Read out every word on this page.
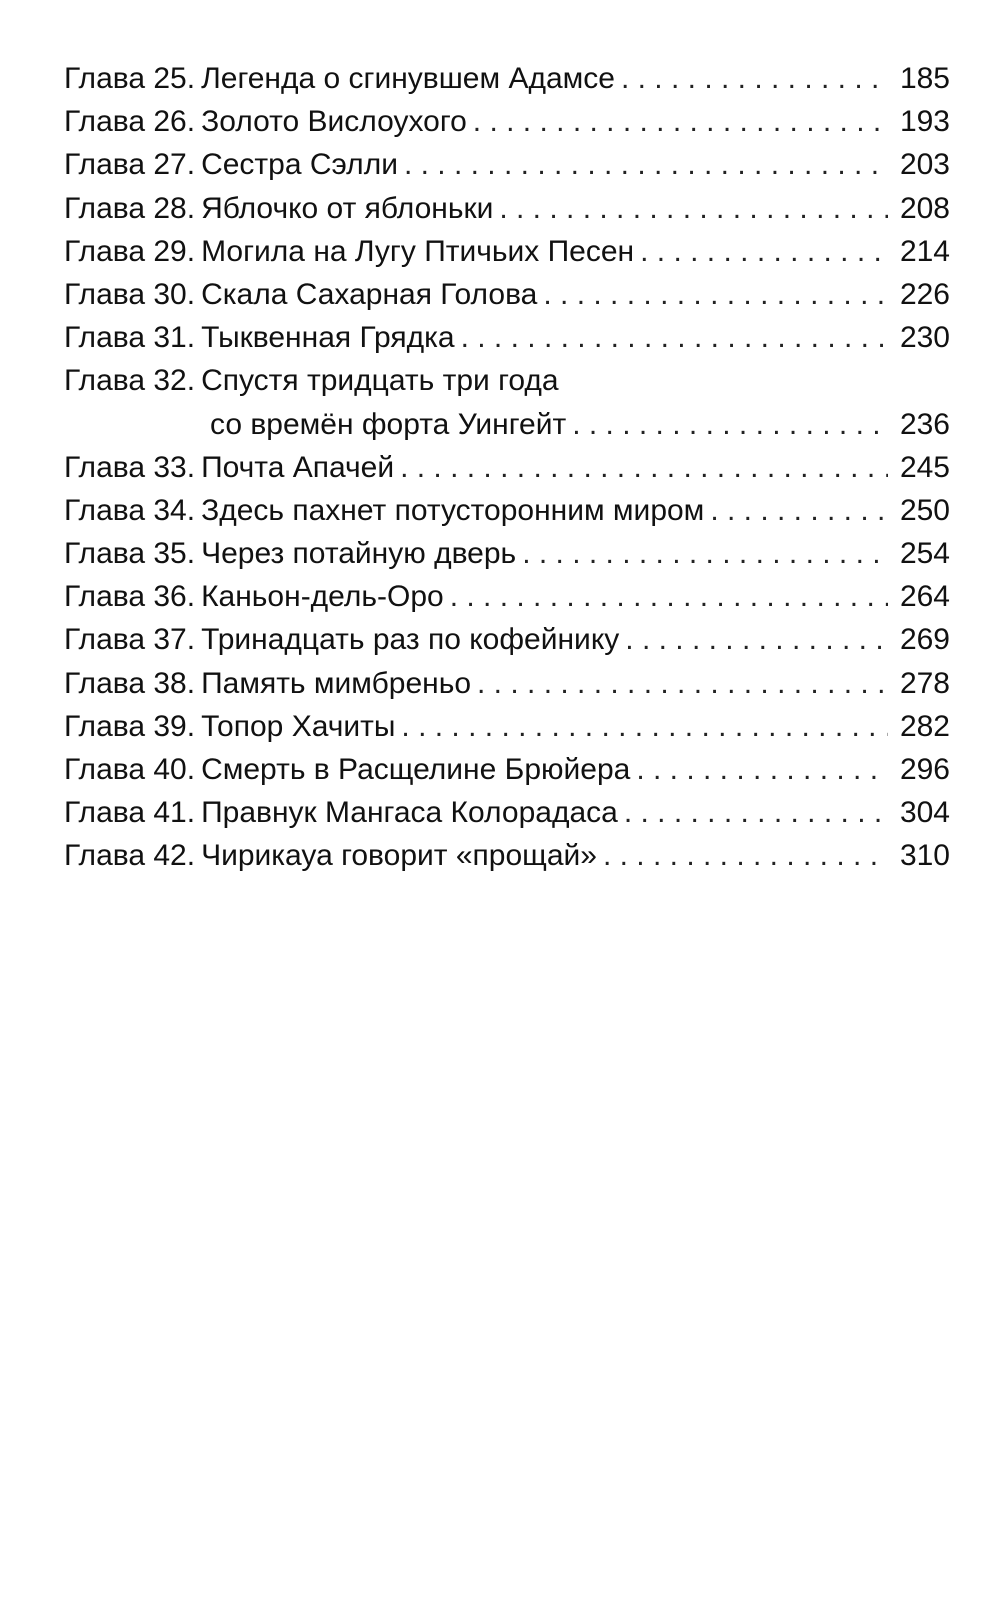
Глава 25. Легенда о сгинувшем Адамсе . . .	185
Глава 26. Золото Вислоухого . . .	193
Глава 27. Сестра Сэлли . . .	203
Глава 28. Яблочко от яблоньки . . .	208
Глава 29. Могила на Лугу Птичьих Песен . . .	214
Глава 30. Скала Сахарная Голова . . .	226
Глава 31. Тыквенная Грядка . . .	230
Глава 32. Спустя тридцать три года
со времён форта Уингейт . . .	236
Глава 33. Почта Апачей . . .	245
Глава 34. Здесь пахнет потусторонним миром . . .	250
Глава 35. Через потайную дверь . . .	254
Глава 36. Каньон-дель-Оро . . .	264
Глава 37. Тринадцать раз по кофейнику . . .	269
Глава 38. Память мимбреньо . . .	278
Глава 39. Топор Хачиты . . .	282
Глава 40. Смерть в Расщелине Брюйера . . .	296
Глава 41. Правнук Мангаса Колорадаса . . .	304
Глава 42. Чирикауа говорит «прощай» . . .	310
